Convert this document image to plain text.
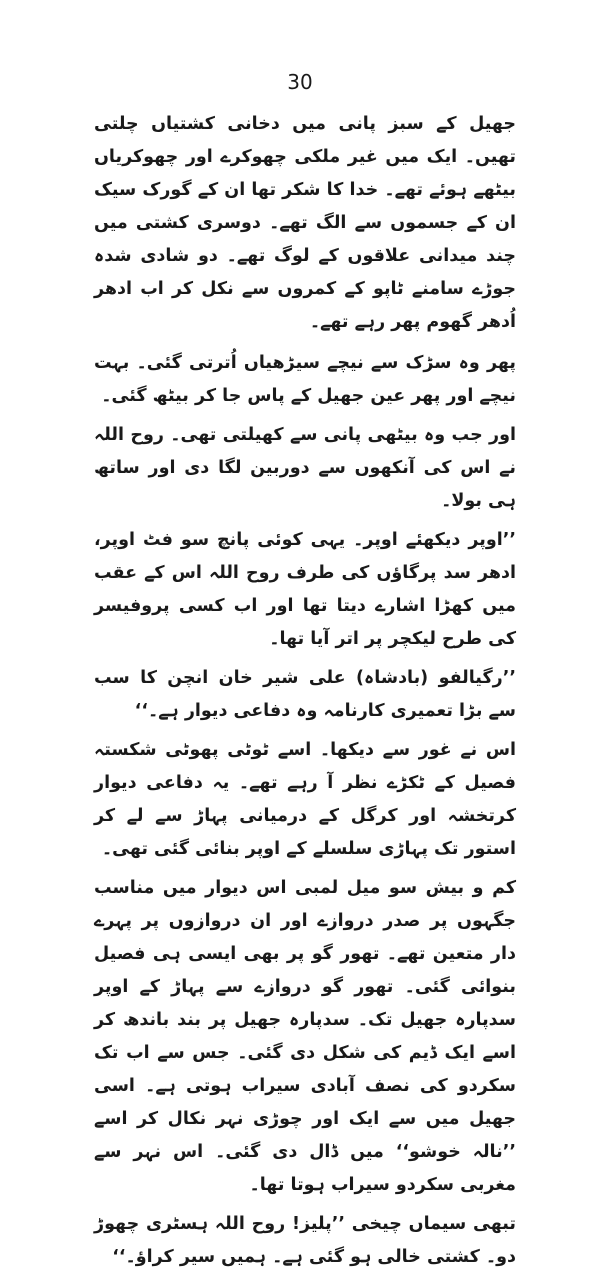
30

جھیل کے سبز پانی میں دخانی کشتیاں چلتی تھیں۔ ایک میں غیر ملکی چھوکرے اور چھوکریاں بیٹھے ہوئے تھے۔ خدا کا شکر تھا ان کے گورک سیک ان کے جسموں سے الگ تھے۔ دوسری کشتی میں چند میدانی علاقوں کے لوگ تھے۔ دو شادی شدہ جوڑے سامنے ٹاپو کے کمروں سے نکل کر اب ادھر اُدھر گھوم پھر رہے تھے۔

پھر وہ سڑک سے نیچے سیڑھیاں اُترتی گئی۔ بہت نیچے اور پھر عین جھیل کے پاس جا کر بیٹھ گئی۔

اور جب وہ بیٹھی پانی سے کھیلتی تھی۔ روح اللہ نے اس کی آنکھوں سے دوربین لگا دی اور ساتھ ہی بولا۔

’’اوپر دیکھئے اوپر۔ یہی کوئی پانچ سو فٹ اوپر، ادھر سد پرگاؤں کی طرف روح اللہ اس کے عقب میں کھڑا اشارے دیتا تھا اور اب کسی پروفیسر کی طرح لیکچر پر اتر آیا تھا۔

’’رگیالفو (بادشاہ) علی شیر خان انچن کا سب سے بڑا تعمیری کارنامہ وہ دفاعی دیوار ہے۔‘‘

اس نے غور سے دیکھا۔ اسے ٹوٹی پھوٹی شکستہ فصیل کے ٹکڑے نظر آ رہے تھے۔ یہ دفاعی دیوار کرتخشہ اور کرگل کے درمیانی پہاڑ سے لے کر استور تک پہاڑی سلسلے کے اوپر بنائی گئی تھی۔

کم و بیش سو میل لمبی اس دیوار میں مناسب جگہوں پر صدر دروازے اور ان دروازوں پر پہرے دار متعین تھے۔ تھور گو پر بھی ایسی ہی فصیل بنوائی گئی۔ تھور گو دروازے سے پہاڑ کے اوپر سدپارہ جھیل تک۔ سدپارہ جھیل پر بند باندھ کر اسے ایک ڈیم کی شکل دی گئی۔ جس سے اب تک سکردو کی نصف آبادی سیراب ہوتی ہے۔ اسی جھیل میں سے ایک اور چوڑی نہر نکال کر اسے ’’نالہ خوشو‘‘ میں ڈال دی گئی۔ اس نہر سے مغربی سکردو سیراب ہوتا تھا۔

تبھی سیماں چیخی ’’پلیز! روح اللہ ہسٹری چھوڑ دو۔ کشتی خالی ہو گئی ہے۔ ہمیں سیر کراؤ۔‘‘
